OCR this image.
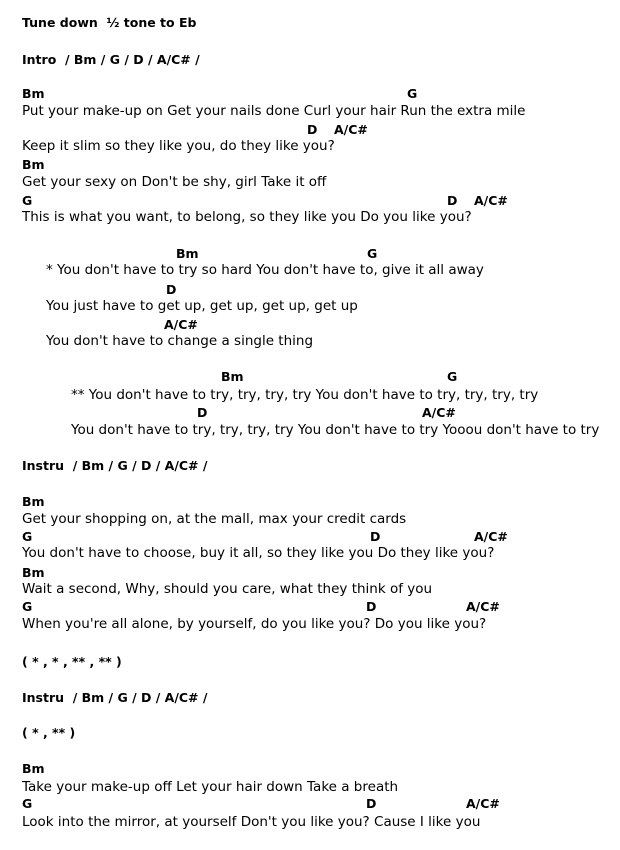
Tune down  ½ tone to Eb
Intro  / Bm / G / D / A/C# /
Bm	G
Put your make-up on Get your nails done Curl your hair Run the extra mile
D A/C#
Keep it slim so they like you, do they like you?
Bm
Get your sexy on Don't be shy, girl Take it off
G	D A/C#
This is what you want, to belong, so they like you Do you like you?
Bm	G
* You don't have to try so hard You don't have to, give it all away
D
You just have to get up, get up, get up, get up
A/C#
You don't have to change a single thing
Bm	G
** You don't have to try, try, try, try You don't have to try, try, try, try
D	A/C#
You don't have to try, try, try, try You don't have to try Yooou don't have to try
Instru  / Bm / G / D / A/C# /
Bm
Get your shopping on, at the mall, max your credit cards
G	D	A/C#
You don't have to choose, buy it all, so they like you Do they like you?
Bm
Wait a second, Why, should you care, what they think of you
G	D	A/C#
When you're all alone, by yourself, do you like you? Do you like you?
( * , * , ** , ** )
Instru  / Bm / G / D / A/C# /
( * , ** )
Bm
Take your make-up off Let your hair down Take a breath
G	D	A/C#
Look into the mirror, at yourself Don't you like you? Cause I like you
